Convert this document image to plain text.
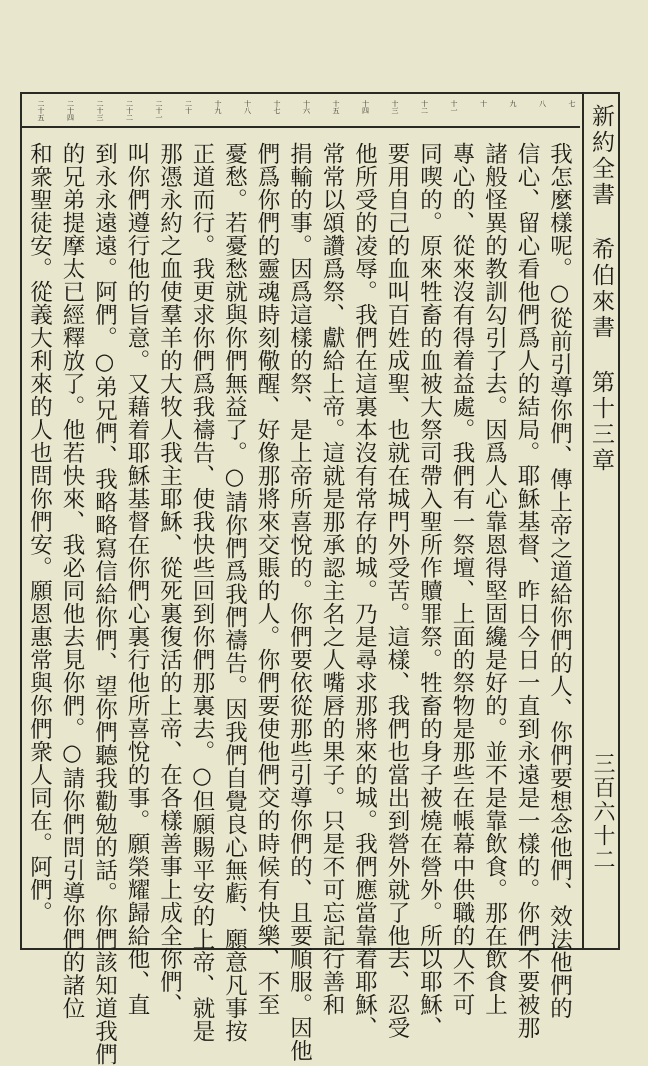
新約全書 希伯來書 第十三章
三百六十二
七
八
九
十
十一
十二
十三
十四
十五
十六
十七
十八
十九
二十
二十一
二十二
二十三
二十四
二十五
我怎麼樣呢。○從前引導你們、傳上帝之道給你們的人、你們要想念他們、效法他們的
信心、留心看他們爲人的結局。耶穌基督、昨日今日一直到永遠是一樣的。你們不要被那
諸般怪異的教訓勾引了去。因爲人心靠恩得堅固纔是好的。並不是靠飲食。那在飲食上
專心的、從來沒有得着益處。我們有一祭壇、上面的祭物是那些在帳幕中供職的人不可
同喫的。原來牲畜的血被大祭司帶入聖所作贖罪祭。牲畜的身子被燒在營外。所以耶穌、
要用自己的血叫百姓成聖、也就在城門外受苦。這樣、我們也當出到營外就了他去、忍受
他所受的凌辱。我們在這裏本沒有常存的城。乃是尋求那將來的城。我們應當靠着耶穌、
常常以頌讚爲祭、獻給上帝。這就是那承認主名之人嘴唇的果子。只是不可忘記行善和
捐輸的事。因爲這樣的祭、是上帝所喜悅的。你們要依從那些引導你們的、且要順服。因他
們爲你們的靈魂時刻儆醒、好像那將來交賬的人。你們要使他們交的時候有快樂、不至
憂愁。若憂愁就與你們無益了。○請你們爲我們禱告。因我們自覺良心無虧、願意凡事按
正道而行。我更求你們爲我禱告、使我快些回到你們那裏去。○但願賜平安的上帝、就是
那憑永約之血使羣羊的大牧人我主耶穌、從死裏復活的上帝、在各樣善事上成全你們、
叫你們遵行他的旨意。又藉着耶穌基督在你們心裏行他所喜悅的事。願榮耀歸給他、直
到永永遠遠。阿們。○弟兄們、我略略寫信給你們、望你們聽我勸勉的話。你們該知道我們
的兄弟提摩太已經釋放了。他若快來、我必同他去見你們。○請你們問引導你們的諸位
和衆聖徒安。從義大利來的人也問你們安。願恩惠常與你們衆人同在。阿們。
